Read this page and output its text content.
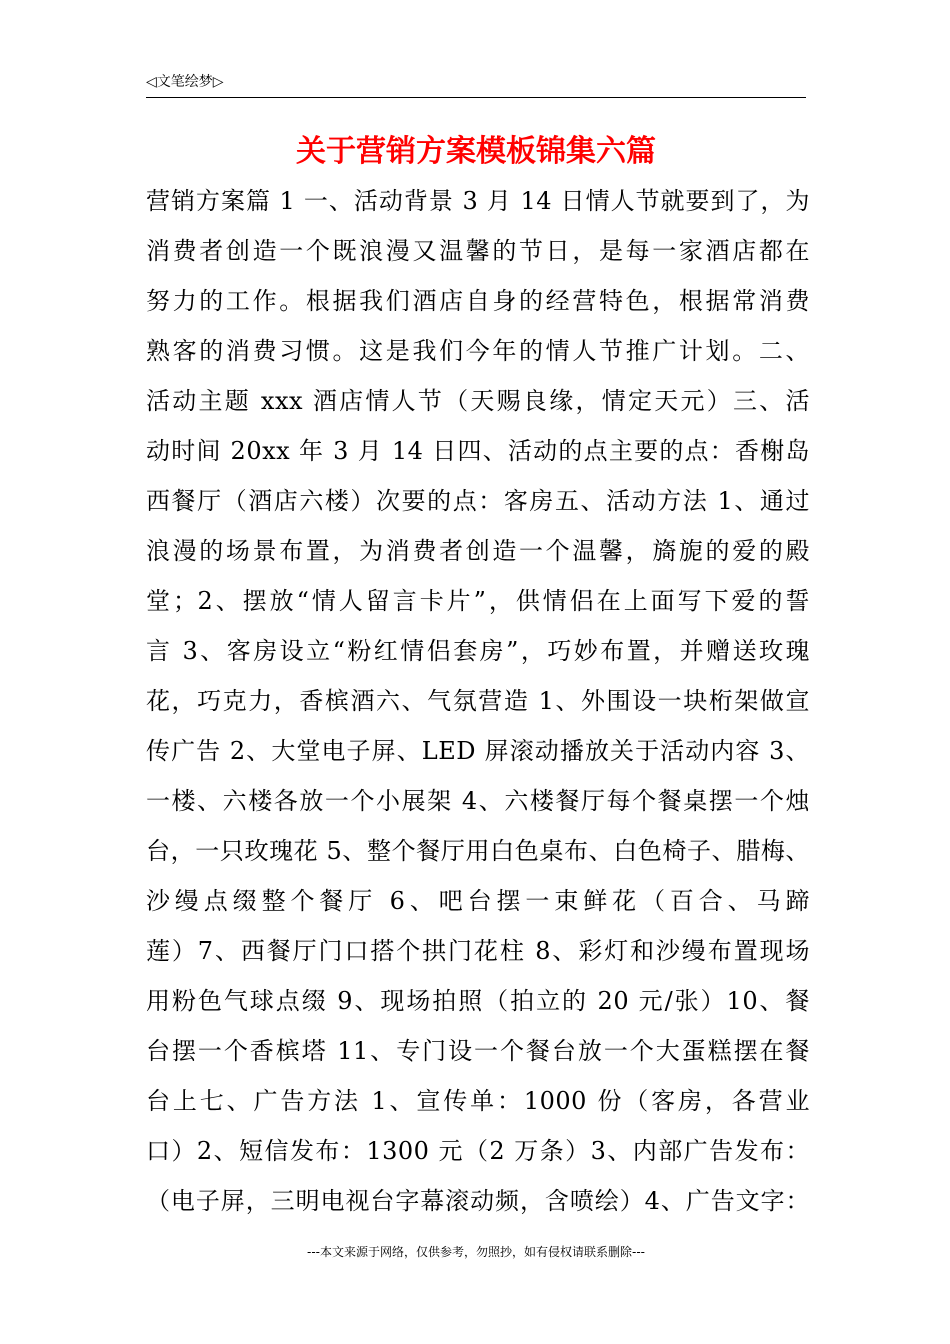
◁文笔绘梦▷
关于营销方案模板锦集六篇
营销方案篇 1 一、活动背景 3 月 14 日情人节就要到了，为
消费者创造一个既浪漫又温馨的节日，是每一家酒店都在
努力的工作。根据我们酒店自身的经营特色，根据常消费
熟客的消费习惯。这是我们今年的情人节推广计划。二、
活动主题 xxx 酒店情人节（天赐良缘，情定天元）三、活
动时间 20xx 年 3 月 14 日四、活动的点主要的点：香榭岛
西餐厅（酒店六楼）次要的点：客房五、活动方法 1、通过
浪漫的场景布置，为消费者创造一个温馨，旖旎的爱的殿
堂；2、摆放“情人留言卡片”，供情侣在上面写下爱的誓
言 3、客房设立“粉红情侣套房”，巧妙布置，并赠送玫瑰
花，巧克力，香槟酒六、气氛营造 1、外围设一块桁架做宣
传广告 2、大堂电子屏、LED 屏滚动播放关于活动内容 3、
一楼、六楼各放一个小展架 4、六楼餐厅每个餐桌摆一个烛
台，一只玫瑰花 5、整个餐厅用白色桌布、白色椅子、腊梅、
沙缦点缀整个餐厅 6、吧台摆一束鲜花（百合、马蹄
莲）7、西餐厅门口搭个拱门花柱 8、彩灯和沙缦布置现场
用粉色气球点缀 9、现场拍照（拍立的 20 元/张）10、餐
台摆一个香槟塔 11、专门设一个餐台放一个大蛋糕摆在餐
台上七、广告方法 1、宣传单：1000 份（客房，各营业
口）2、短信发布：1300 元（2 万条）3、内部广告发布：
（电子屏，三明电视台字幕滚动频，含喷绘）4、广告文字：
---本文来源于网络，仅供参考，勿照抄，如有侵权请联系删除---
